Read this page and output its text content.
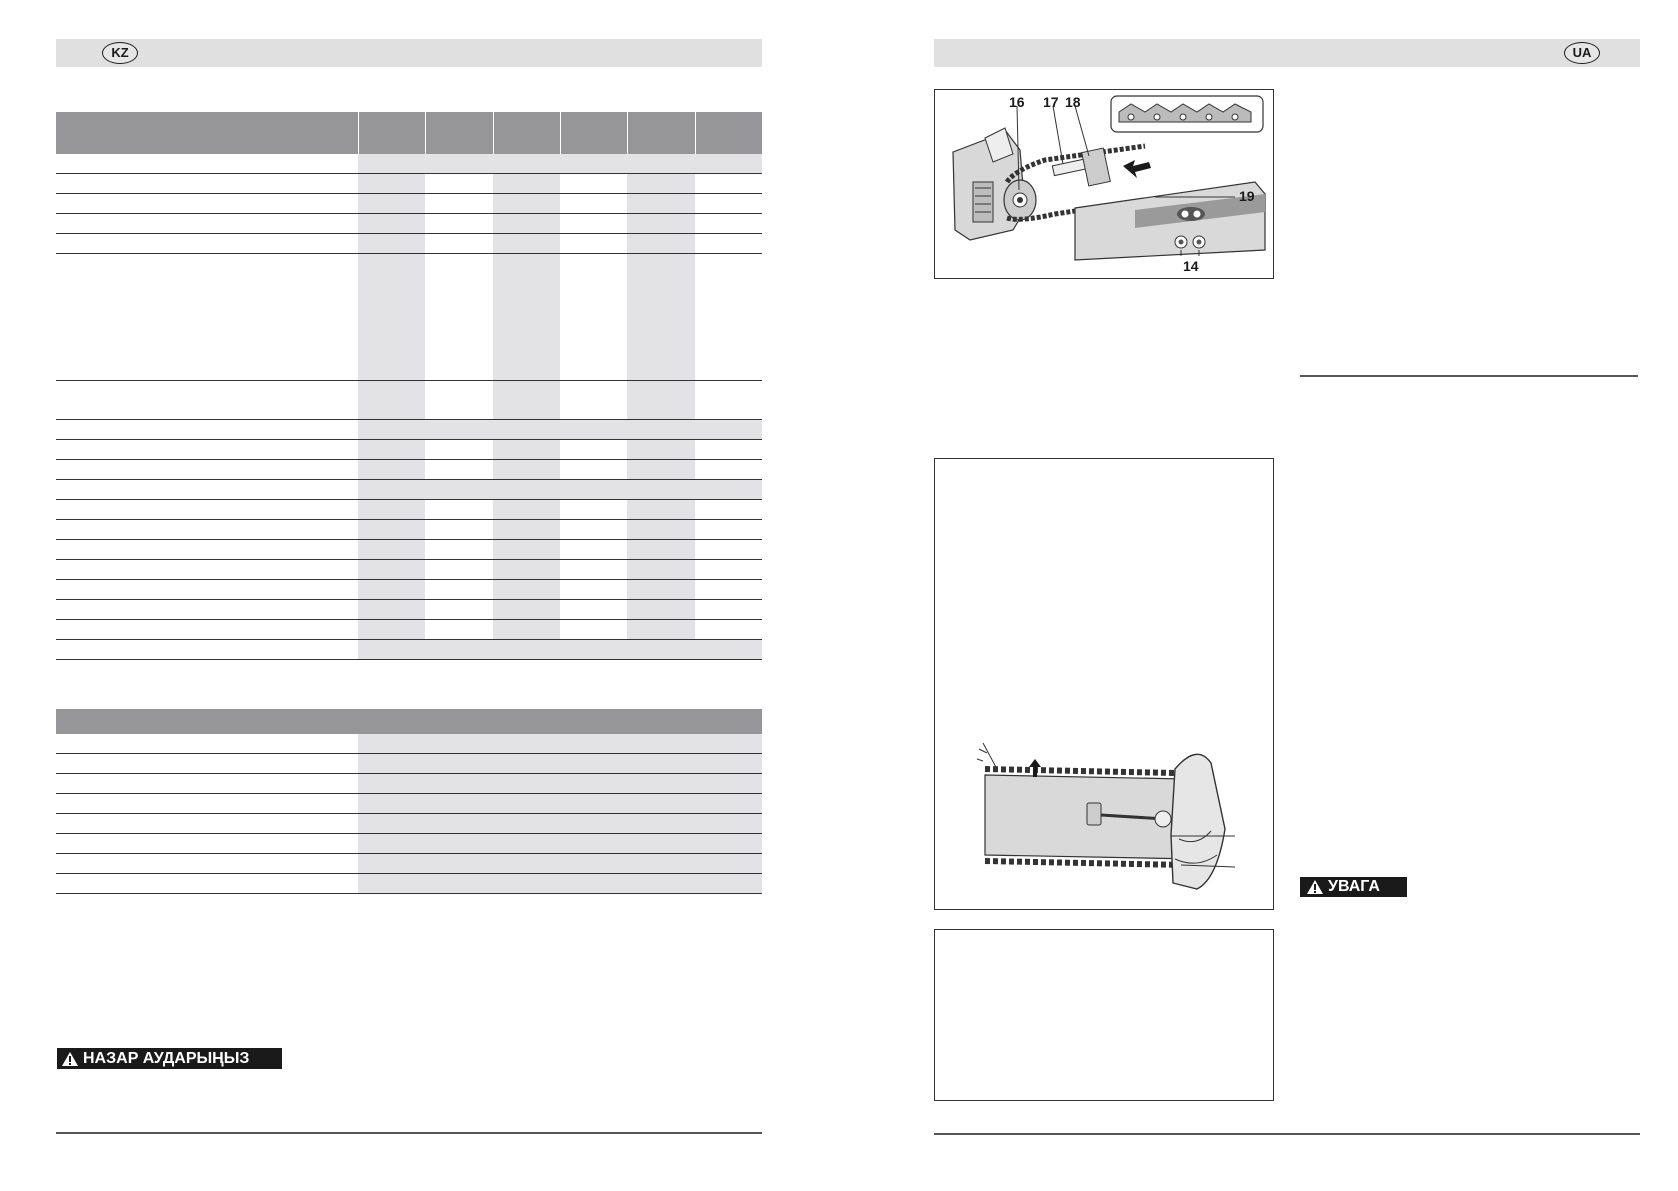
KZ
НАЗАР АУДАРЫҢЫЗ
UA
16 17 18
19
14
УВАГА
